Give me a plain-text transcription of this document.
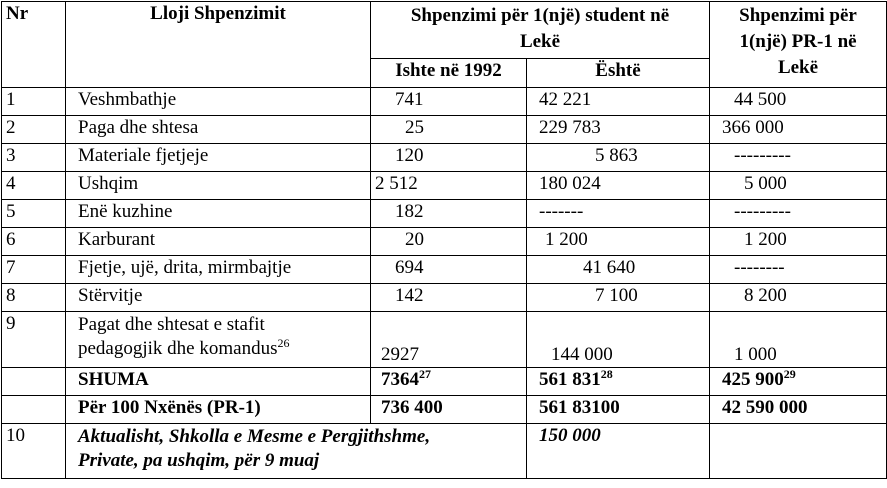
Nr	Lloji Shpenzimit	Shpenzimi për 1(një) student në Lekë		Shpenzimi për 1(një) PR-1 në Lekë
		Ishte në 1992	Është	
1	Veshmbathje	741	42 221	44 500
2	Paga dhe shtesa	25	229 783	366 000
3	Materiale fjetjeje	120	5 863	---------
4	Ushqim	2 512	180 024	5 000
5	Enë kuzhine	182	-------	---------
6	Karburant	20	1 200	1 200
7	Fjetje, ujë, drita, mirmbajtje	694	41 640	--------
8	Stërvitje	142	7 100	8 200
9	Pagat dhe shtesat e stafit
pedagogjik dhe komandus$^{26}$	2927	144 000	1 000
	SHUMA	7364$^{27}$	561 $831^{28}$	425 $900^{29}$
	Për 100 Nxënës (PR-1)	736 400	561 83100	42 590 000
10	Aktualisht, Shkolla e Mesme e Pergjithshme,
Private, pa ushqim, për 9 muaj		150 000	
